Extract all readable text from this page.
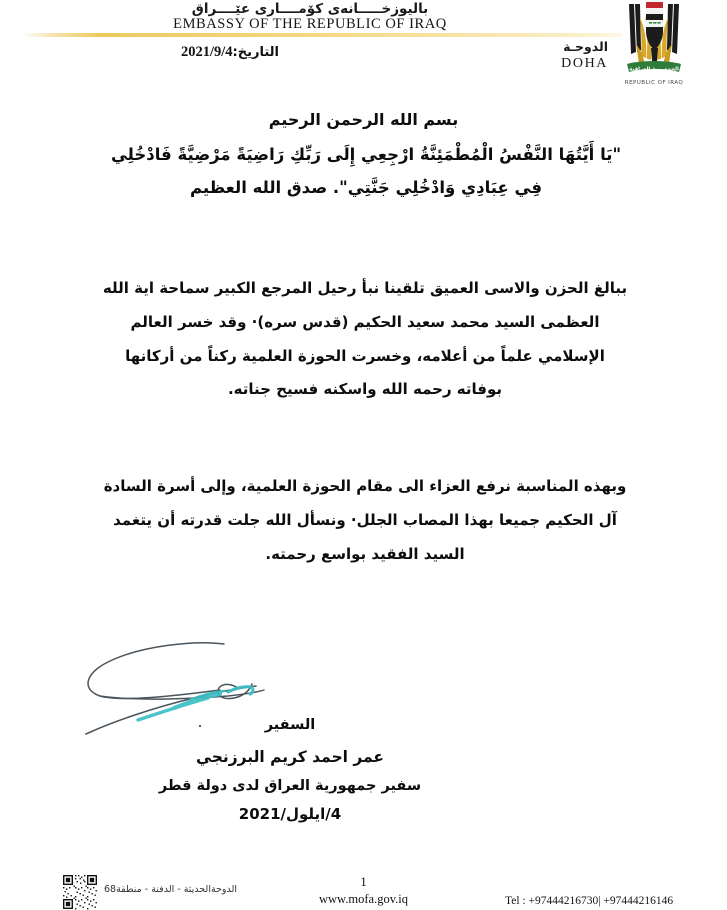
باليوزخـــــانەی كۆمــــاری عێــــراق
EMBASSY OF THE REPUBLIC OF IRAQ
الدوحـة
DOHA
التاريخ:2021/9/4
الجمهورية العراقية
REPUBLIC OF IRAQ
بسم الله الرحمن الرحيم
"يَا أَيَّتُهَا النَّفْسُ الْمُطْمَئِنَّةُ ارْجِعِي إِلَى رَبِّكِ رَاضِيَةً مَرْضِيَّةً فَادْخُلِي فِي عِبَادِي وَادْخُلِي جَنَّتِي". صدق الله العظيم
ببالغ الحزن والاسى العميق تلقينا نبأ رحيل المرجع الكبير سماحة اية الله العظمى السيد محمد سعيد الحكيم (قدس سره)· وقد خسر العالم الإسلامي علماً من أعلامه، وخسرت الحوزة العلمية ركناً من أركانها بوفاته رحمه الله واسكنه فسيح جناته.
وبهذه المناسبة نرفع العزاء الى مقام الحوزة العلمية، وإلى أسرة السادة آل الحكيم جميعا بهذا المصاب الجلل· ونسأل الله جلت قدرته أن يتغمد السيد الفقيد بواسع رحمته.
السفير
عمر احمد كريم البرزنجي
سفير جمهورية العراق لدى دولة قطر
4/ايلول/2021
الدوحةالحديثة - الدفنة - منطقة68
1
www.mofa.gov.iq	Tel : +97444216730| +97444216146
